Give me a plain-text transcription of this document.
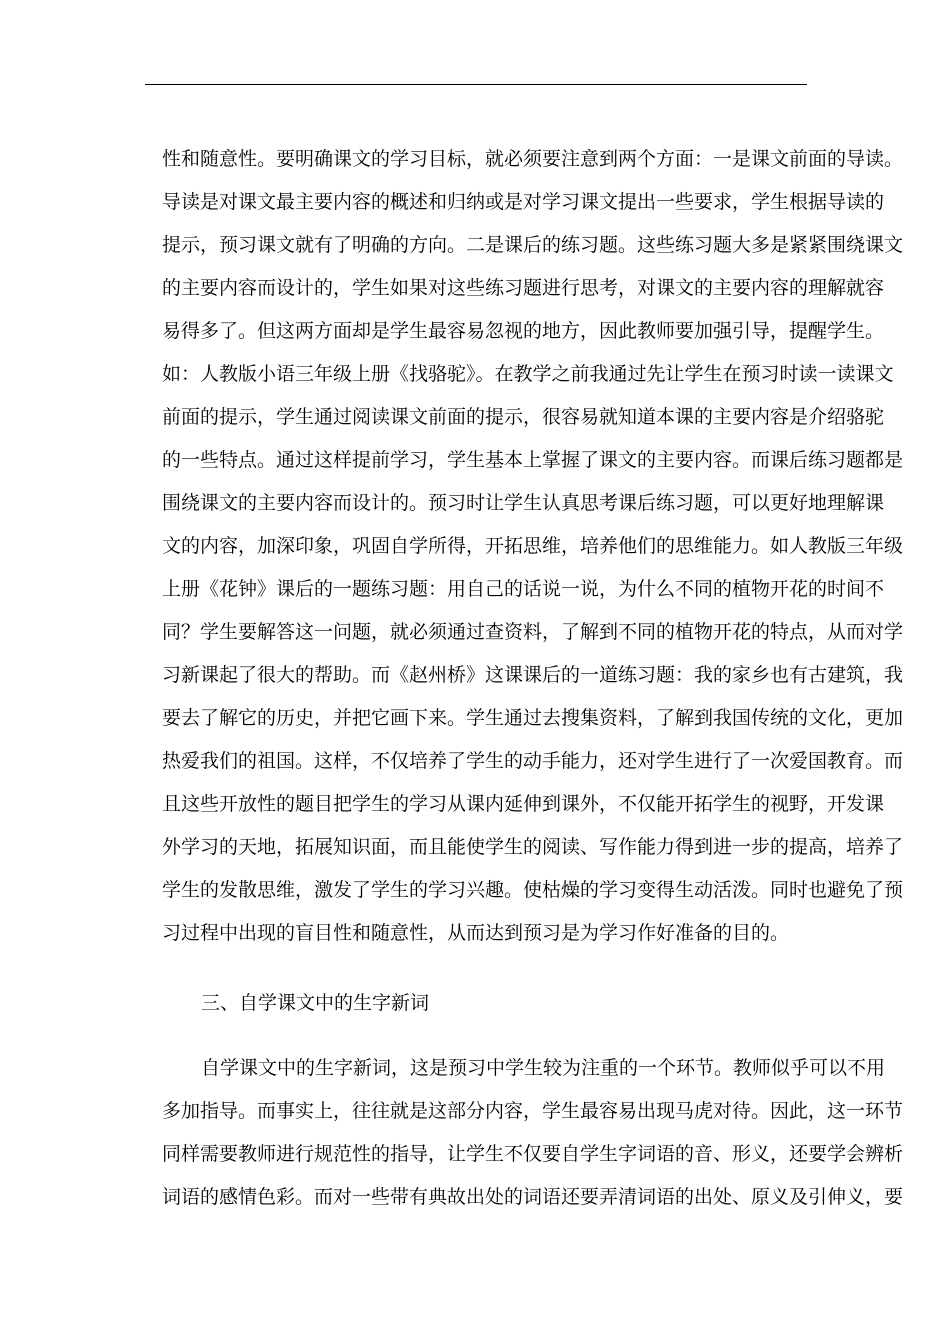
性和随意性。要明确课文的学习目标，就必须要注意到两个方面：一是课文前面的导读。
导读是对课文最主要内容的概述和归纳或是对学习课文提出一些要求，学生根据导读的
提示，预习课文就有了明确的方向。二是课后的练习题。这些练习题大多是紧紧围绕课文
的主要内容而设计的，学生如果对这些练习题进行思考，对课文的主要内容的理解就容
易得多了。但这两方面却是学生最容易忽视的地方，因此教师要加强引导，提醒学生。
如：人教版小语三年级上册《找骆驼》。在教学之前我通过先让学生在预习时读一读课文
前面的提示，学生通过阅读课文前面的提示，很容易就知道本课的主要内容是介绍骆驼
的一些特点。通过这样提前学习，学生基本上掌握了课文的主要内容。而课后练习题都是
围绕课文的主要内容而设计的。预习时让学生认真思考课后练习题，可以更好地理解课
文的内容，加深印象，巩固自学所得，开拓思维，培养他们的思维能力。如人教版三年级
上册《花钟》课后的一题练习题：用自己的话说一说，为什么不同的植物开花的时间不
同？学生要解答这一问题，就必须通过查资料，了解到不同的植物开花的特点，从而对学
习新课起了很大的帮助。而《赵州桥》这课课后的一道练习题：我的家乡也有古建筑，我
要去了解它的历史，并把它画下来。学生通过去搜集资料，了解到我国传统的文化，更加
热爱我们的祖国。这样，不仅培养了学生的动手能力，还对学生进行了一次爱国教育。而
且这些开放性的题目把学生的学习从课内延伸到课外，不仅能开拓学生的视野，开发课
外学习的天地，拓展知识面，而且能使学生的阅读、写作能力得到进一步的提高，培养了
学生的发散思维，激发了学生的学习兴趣。使枯燥的学习变得生动活泼。同时也避免了预
习过程中出现的盲目性和随意性，从而达到预习是为学习作好准备的目的。
三、自学课文中的生字新词
自学课文中的生字新词，这是预习中学生较为注重的一个环节。教师似乎可以不用
多加指导。而事实上，往往就是这部分内容，学生最容易出现马虎对待。因此，这一环节
同样需要教师进行规范性的指导，让学生不仅要自学生字词语的音、形义，还要学会辨析
词语的感情色彩。而对一些带有典故出处的词语还要弄清词语的出处、原义及引伸义，要
